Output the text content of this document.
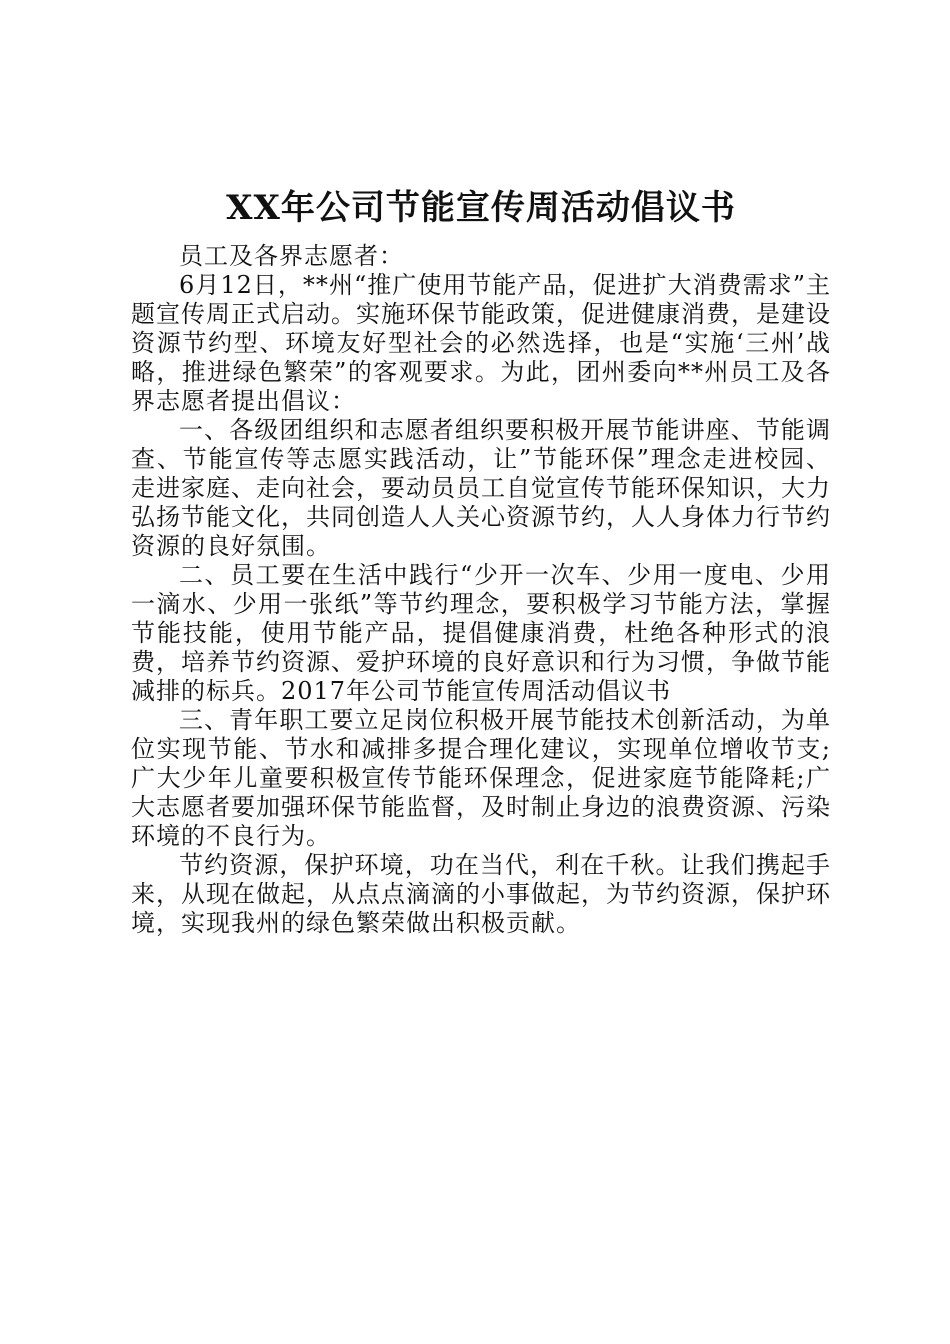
XX年公司节能宣传周活动倡议书

员工及各界志愿者：

6月12日，**州“推广使用节能产品，促进扩大消费需求”主题宣传周正式启动。实施环保节能政策，促进健康消费，是建设资源节约型、环境友好型社会的必然选择，也是“实施‘三州’战略，推进绿色繁荣”的客观要求。为此，团州委向**州员工及各界志愿者提出倡议：

一、各级团组织和志愿者组织要积极开展节能讲座、节能调查、节能宣传等志愿实践活动，让”节能环保”理念走进校园、走进家庭、走向社会，要动员员工自觉宣传节能环保知识，大力弘扬节能文化，共同创造人人关心资源节约，人人身体力行节约资源的良好氛围。

二、员工要在生活中践行“少开一次车、少用一度电、少用一滴水、少用一张纸”等节约理念，要积极学习节能方法，掌握节能技能，使用节能产品，提倡健康消费，杜绝各种形式的浪费，培养节约资源、爱护环境的良好意识和行为习惯，争做节能减排的标兵。2017年公司节能宣传周活动倡议书

三、青年职工要立足岗位积极开展节能技术创新活动，为单位实现节能、节水和减排多提合理化建议，实现单位增收节支;广大少年儿童要积极宣传节能环保理念，促进家庭节能降耗;广大志愿者要加强环保节能监督，及时制止身边的浪费资源、污染环境的不良行为。

节约资源，保护环境，功在当代，利在千秋。让我们携起手来，从现在做起，从点点滴滴的小事做起，为节约资源，保护环境，实现我州的绿色繁荣做出积极贡献。
